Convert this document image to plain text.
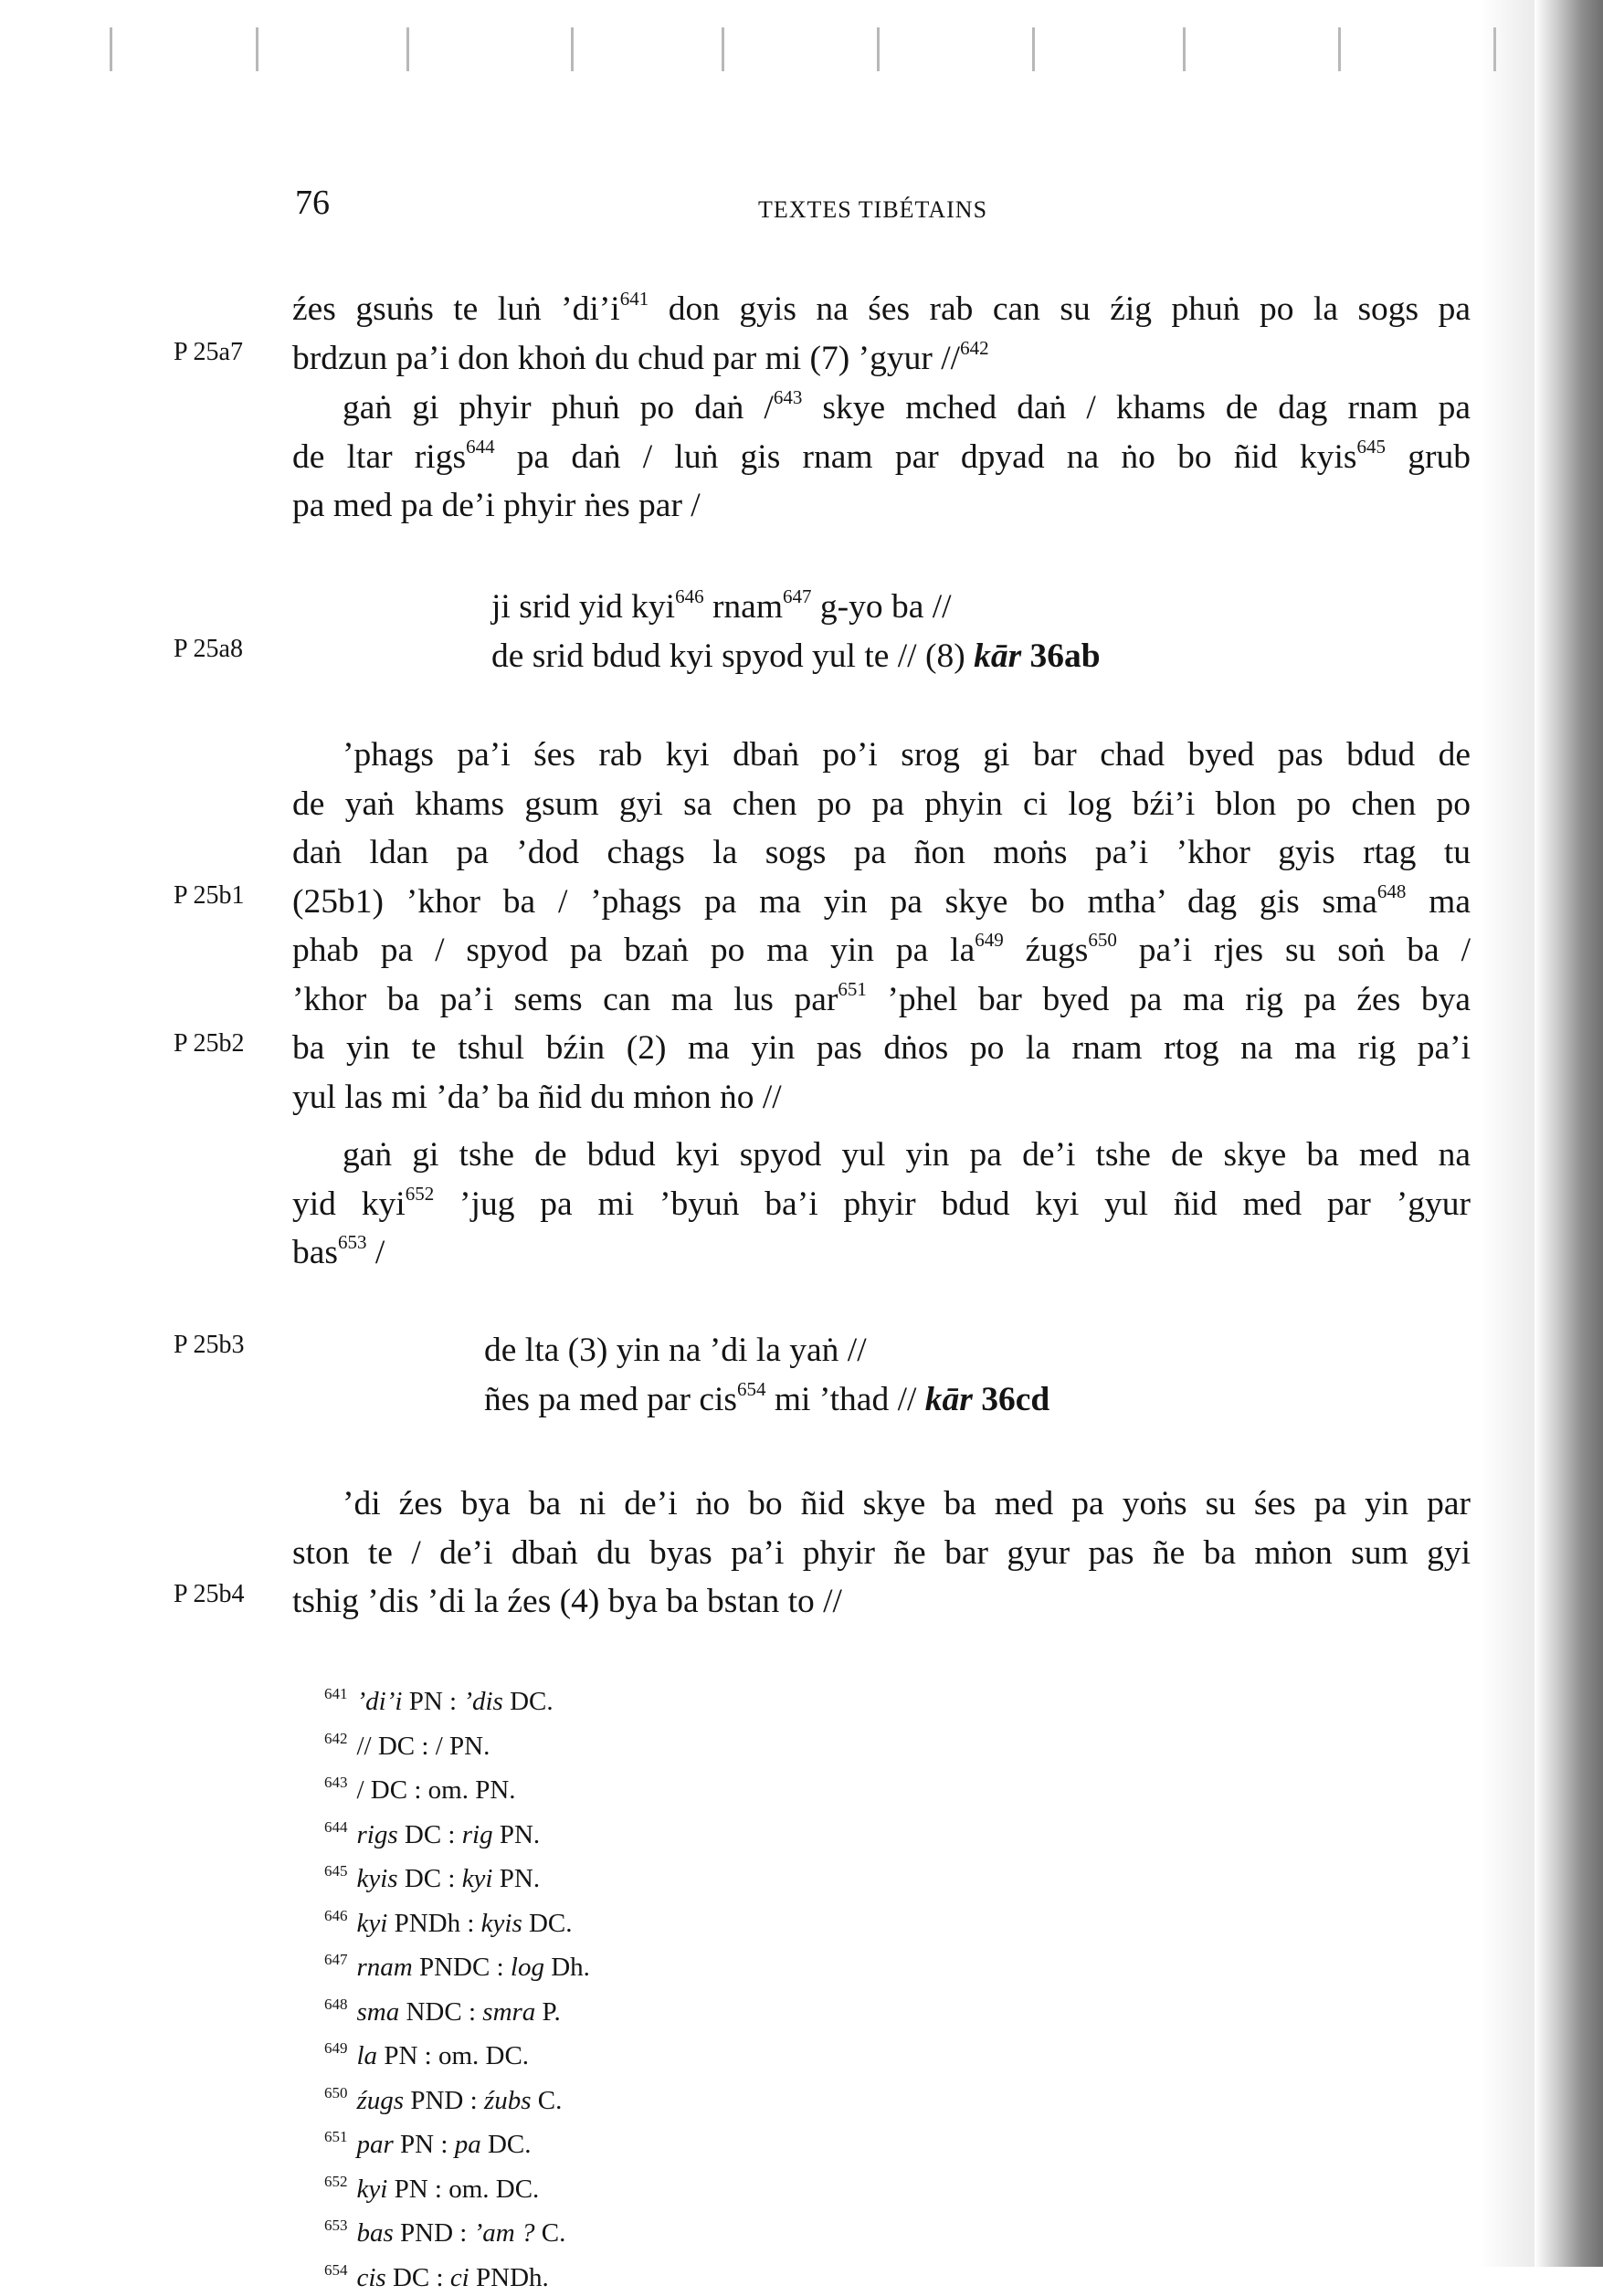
76	TEXTES TIBÉTAINS
P 25a7
P 25a8
P 25b1
P 25b2
P 25b3
P 25b4
źes gsuṅs te luṅ $’di’i^{641}$ don gyis na śes rab can su źig phuṅ po la sogs pa
brdzun pa’i don khoṅ du chud par mi (7) ’gyur //$^{642}$
gaṅ gi phyir phuṅ po daṅ /$^{643}$ skye mched daṅ / khams de dag rnam pa
de ltar rigs$^{644}$ pa daṅ / luṅ gis rnam par dpyad na ṅo bo ñid kyis$^{645}$ grub
pa med pa de’i phyir ṅes par /
ji srid yid kyi$^{646}$ rnam$^{647}$ g-yo ba //
de srid bdud kyi spyod yul te // (8) kār 36ab
’phags pa’i śes rab kyi dbaṅ po’i srog gi bar chad byed pas bdud de
de yaṅ khams gsum gyi sa chen po pa phyin ci log bźi’i blon po chen po
daṅ ldan pa ’dod chags la sogs pa ñon moṅs pa’i ’khor gyis rtag tu
(25b1) ’khor ba / ’phags pa ma yin pa skye bo mtha’ dag gis sma$^{648}$ ma
phab pa / spyod pa bzaṅ po ma yin pa $la^{649}$ źugs$^{650}$ pa’i rjes su soṅ ba /
’khor ba pa’i sems can ma lus par$^{651}$ ’phel bar byed pa ma rig pa źes bya
ba yin te tshul bźin (2) ma yin pas dṅos po la rnam rtog na ma rig pa’i
yul las mi ’da’ ba ñid du mṅon ṅo //
gaṅ gi tshe de bdud kyi spyod yul yin pa de’i tshe de skye ba med na
yid kyi$^{652}$ ’jug pa mi ’byuṅ ba’i phyir bdud kyi yul ñid med par ’gyur
bas$^{653}$ /
de lta (3) yin na ’di la yaṅ //
ñes pa med par cis$^{654}$ mi ’thad // kār 36cd
’di źes bya ba ni de’i ṅo bo ñid skye ba med pa yoṅs su śes pa yin par
ston te / de’i dbaṅ du byas pa’i phyir ñe bar gyur pas ñe ba mṅon sum gyi
tshig ’dis ’di la źes (4) bya ba bstan to //
$^{641}$ ’di’i PN : ’dis DC.
$^{642}$ // DC : / PN.
$^{643}$ / DC : om. PN.
$^{644}$ rigs DC : rig PN.
$^{645}$ kyis DC : kyi PN.
$^{646}$ kyi PNDh : kyis DC.
$^{647}$ rnam PNDC : log Dh.
$^{648}$ sma NDC : smra P.
$^{649}$ la PN : om. DC.
$^{650}$ źugs PND : źubs C.
$^{651}$ par PN : pa DC.
$^{652}$ kyi PN : om. DC.
$^{653}$ bas PND : ’am ? C.
$^{654}$ cis DC : ci PNDh.
